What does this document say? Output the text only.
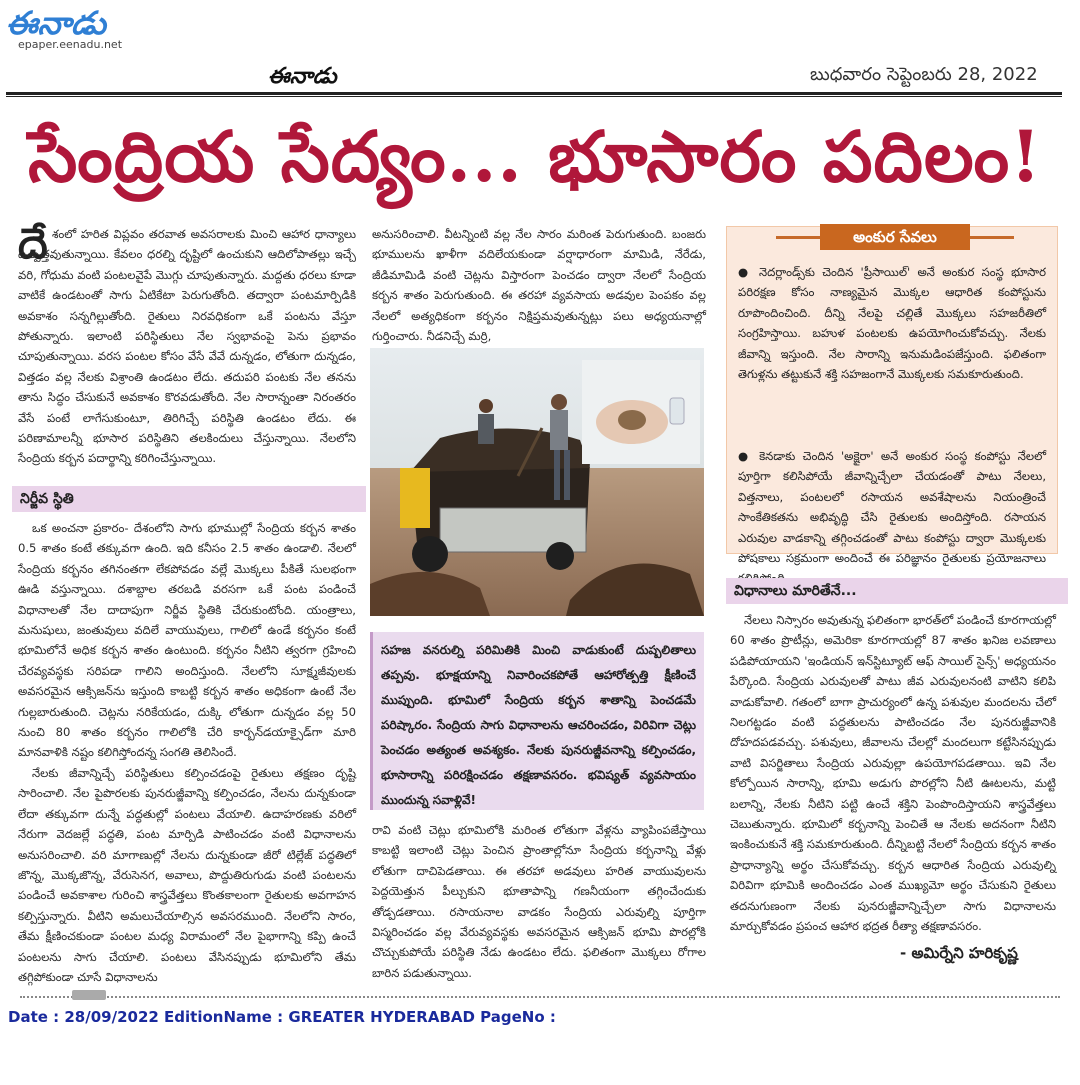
ఈనాడు
epaper.eenadu.net
ఈనాడు	బుధవారం సెప్టెంబరు 28, 2022
సేంద్రియ సేద్యం... భూసారం పదిలం!
దే శంలో హరిత విప్లవం తరవాత అవసరాలకు మించి ఆహార ధాన్యాలు ఉత్పత్తవుతున్నాయి. కేవలం ధరల్ని దృష్టిలో ఉంచుకుని ఆదిలోపాతల్లు ఇచ్చే వరి, గోధుమ వంటి పంటలవైపే మొగ్గు చూపుతున్నారు. మద్దతు ధరలు కూడా వాటికే ఉండటంతో సాగు ఏటికేటా పెరుగుతోంది. తద్వారా పంటమార్పిడికి అవకాశం సన్నగిల్లుతోంది. రైతులు నిరవధికంగా ఒకే పంటను వేస్తూ పోతున్నారు. ఇలాంటి పరిస్థితులు నేల స్వభావంపై పెను ప్రభావం చూపుతున్నాయి. వరస పంటల కోసం వేసే వేవే దున్నడం, లోతుగా దున్నడం, విత్తడం వల్ల నేలకు విశ్రాంతి ఉండటం లేదు. తదుపరి పంటకు నేల తనను తాను సిద్ధం చేసుకునే అవకాశం కొరవడుతోంది. నేల సారాన్నంతా నిరంతరం వేసే పంటే లాగేసుకుంటూ, తిరిగిచ్చే పరిస్థితి ఉండటం లేదు. ఈ పరిణామాలన్నీ భూసార పరిస్థితిని తలకిందులు చేస్తున్నాయి. నేలలోని సేంద్రియ కర్బన పదార్థాన్ని కరిగించేస్తున్నాయి.

నిర్జీవ స్థితి

ఒక అంచనా ప్రకారం- దేశంలోని సాగు భూముల్లో సేంద్రియ కర్బన శాతం 0.5 శాతం కంటే తక్కువగా ఉంది. ఇది కనీసం 2.5 శాతం ఉండాలి. నేలలో సేంద్రియ కర్బనం తగినంతగా లేకపోవడం వల్లే మొక్కలు పీకితే సులభంగా ఊడి వస్తున్నాయి. దశాబ్దాల తరబడి వరసగా ఒకే పంట పండించే విధానాలతో నేల దాదాపుగా నిర్జీవ స్థితికి చేరుకుంటోంది. యంత్రాలు, మనుషులు, జంతువులు వదిలే వాయువులు, గాలిలో ఉండే కర్బనం కంటే భూమిలోనే అధిక కర్బన శాతం ఉంటుంది. కర్బనం నీటిని త్వరగా గ్రహించి చేరవ్యవస్థకు సరిపడా గాలిని అందిస్తుంది. నేలలోని సూక్ష్మజీవులకు అవసరమైన ఆక్సిజన్‌ను ఇస్తుంది కాబట్టి కర్బన శాతం అధికంగా ఉంటే నేల గుల్లబారుతుంది. చెట్లను నరికేయడం, దుక్కి లోతుగా దున్నడం వల్ల 50 నుంచి 80 శాతం కర్బనం గాలిలోకి చేరి కార్బన్‌డయాక్సైడ్‌గా మారి మానవాళికి నష్టం కలిగిస్తోందన్న సంగతి తెలిసిందే.

నేలకు జీవాన్నిచ్చే పరిస్థితులు కల్పించడంపై రైతులు తక్షణం దృష్టి సారించాలి. నేల పైపొరలకు పునరుజ్జీవాన్ని కల్పించడం, నేలను దున్నకుండా లేదా తక్కువగా దున్నే పద్ధతుల్లో పంటలు వేయాలి. ఉదాహరణకు వరిలో నేరుగా వెదజల్లే పద్ధతి, పంట మార్పిడి పాటించడం వంటి విధానాలను అనుసరించాలి. వరి మాగాణుల్లో నేలను దున్నకుండా జీరో టిల్లేజ్ పద్ధతిలో జొన్న, మొక్కజొన్న, వేరుసెనగ, అవాలు, పొద్దుతిరుగుడు వంటి పంటలను పండించే అవకాశాల గురించి శాస్త్రవేత్తలు కొంతకాలంగా రైతులకు అవగాహన కల్పిస్తున్నారు. వీటిని అమలుచేయాల్సిన అవసరముంది. నేలలోని సారం, తేమ క్షీణించకుండా పంటల మధ్య విరామంలో నేల పైభాగాన్ని కప్పి ఉంచే పంటలను సాగు చేయాలి. పంటలు వేసినప్పుడు భూమిలోని తేమ తగ్గిపోకుండా చూసే విధానాలను

అనుసరించాలి. వీటన్నింటి వల్ల నేల సారం మరింత పెరుగుతుంది. బంజరు భూములను ఖాళీగా వదిలేయకుండా వర్షాధారంగా మామిడి, నేరేడు, జీడిమామిడి వంటి చెట్లను విస్తారంగా పెంచడం ద్వారా నేలలో సేంద్రియ కర్బన శాతం పెరుగుతుంది. ఈ తరహా వ్యవసాయ అడవుల పెంపకం వల్ల నేలలో అత్యధికంగా కర్బనం నిక్షిప్తమవుతున్నట్లు పలు అధ్యయనాల్లో గుర్తించారు. నీడనిచ్చే మర్రి,

సహజ వనరుల్ని పరిమితికి మించి వాడుకుంటే దుష్పలితాలు తప్పవు. భూక్షయాన్ని నివారించకపోతే ఆహారోత్పత్తి క్షీణించే ముప్పుంది. భూమిలో సేంద్రియ కర్బన శాతాన్ని పెంచడమే పరిష్కారం. సేంద్రియ సాగు విధానాలను ఆచరించడం, విరివిగా చెట్లు పెంచడం అత్యంత అవశ్యకం. నేలకు పునరుజ్జీవనాన్ని కల్పించడం, భూసారాన్ని పరిరక్షించడం తక్షణావసరం. భవిష్యత్ వ్యవసాయం ముందున్న సవాళ్లివే!

రావి వంటి చెట్లు భూమిలోకి మరింత లోతుగా వేళ్లను వ్యాపింపజేస్తాయి కాబట్టి ఇలాంటి చెట్లు పెంచిన ప్రాంతాల్లోనూ సేంద్రియ కర్బనాన్ని వేళ్లు లోతుగా దాచిపెడతాయి. ఈ తరహా అడవులు హరిత వాయువులను పెద్దయెత్తున పీల్చుకుని భూతాపాన్ని గణనీయంగా తగ్గించేందుకు తోడ్పడతాయి. రసాయనాల వాడకం సేంద్రియ ఎరువుల్ని పూర్తిగా విస్మరించడం వల్ల వేరువ్యవస్థకు అవసరమైన ఆక్సిజన్ భూమి పొరల్లోకి చొచ్చుకుపోయే పరిస్థితి నేడు ఉండటం లేదు. ఫలితంగా మొక్కలు రోగాల బారిన పడుతున్నాయి.

అంకుర సేవలు
● నెదర్లాండ్స్‌కు చెందిన 'ప్రీసాయిల్' అనే అంకుర సంస్థ భూసార పరిరక్షణ కోసం నాణ్యమైన మొక్కల ఆధారిత కంపోస్టును రూపొందించింది. దీన్ని నేలపై చల్లితే మొక్కలు సహజరీతిలో సంగ్రహిస్తాయి. బహుళ పంటలకు ఉపయోగించుకోవచ్చు. నేలకు జీవాన్ని ఇస్తుంది. నేల సారాన్ని ఇనుమడింపజేస్తుంది. ఫలితంగా తెగుళ్లను తట్టుకునే శక్తి సహజంగానే మొక్కలకు సమకూరుతుంది.
● కెనడాకు చెందిన 'అక్షైరా' అనే అంకుర సంస్థ కంపోస్టు నేలలో పూర్తిగా కలిసిపోయే జీవాన్నిచ్చేలా చేయడంతో పాటు నేలలు, విత్తనాలు, పంటలలో రసాయన అవశేషాలను నియంత్రించే సాంకేతికతను అభివృద్ధి చేసి రైతులకు అందిస్తోంది. రసాయన ఎరువుల వాడకాన్ని తగ్గించడంతో పాటు కంపోస్టు ద్వారా మొక్కలకు పోషకాలు సక్రమంగా అందించే ఈ పరిజ్ఞానం రైతులకు ప్రయోజనాలు
విధానాలు మారితేనే...

నేలలు నిస్సారం అవుతున్న ఫలితంగా భారత్‌లో పండించే కూరగాయల్లో 60 శాతం ప్రొటీన్లు, అమెరికా కూరగాయల్లో 87 శాతం ఖనిజ లవణాలు పడిపోయాయని 'ఇండియన్ ఇన్‌స్టిట్యూట్ ఆఫ్ సాయిల్ సైన్స్' అధ్యయనం పేర్కొంది. సేంద్రియ ఎరువులతో పాటు జీవ ఎరువులనంటి వాటిని కలిపి వాడుకోవాలి. గతంలో బాగా ప్రాచుర్యంలో ఉన్న పశువుల మందలను చేలో నిలగట్టడం వంటి పద్ధతులను పాటించడం నేల పునరుజ్జీవానికి దోహదపడవచ్చు. పశువులు, జీవాలను చేలల్లో మందలుగా కట్టేసినప్పుడు వాటి విసర్జితాలు సేంద్రియ ఎరువుల్లా ఉపయోగపడతాయి. ఇవి నేల కోల్పోయిన సారాన్ని, భూమి అడుగు పొరల్లోని నీటి ఊటలను, మట్టి బలాన్ని, నేలకు నీటిని పట్టి ఉంచే శక్తిని పెంపొందిస్తాయని శాస్త్రవేత్తలు చెబుతున్నారు. భూమిలో కర్బనాన్ని పెంచితే ఆ నేలకు అదనంగా నీటిని ఇంకించుకునే శక్తి సమకూరుతుంది. దీన్నిబట్టి నేలలో సేంద్రియ కర్బన శాతం ప్రాధాన్యాన్ని అర్థం చేసుకోవచ్చు. కర్బన ఆధారిత సేంద్రియ ఎరువుల్ని విరివిగా భూమికి అందించడం ఎంత ముఖ్యమో అర్థం చేసుకుని రైతులు తదనుగుణంగా నేలకు పునరుజ్జీవాన్నిచ్చేలా సాగు విధానాలను మార్చుకోవడం ప్రపంచ ఆహార భద్రత రీత్యా తక్షణావసరం.

- అమిర్నేని హరికృష్ణ
Date : 28/09/2022 EditionName : GREATER HYDERABAD PageNo :
